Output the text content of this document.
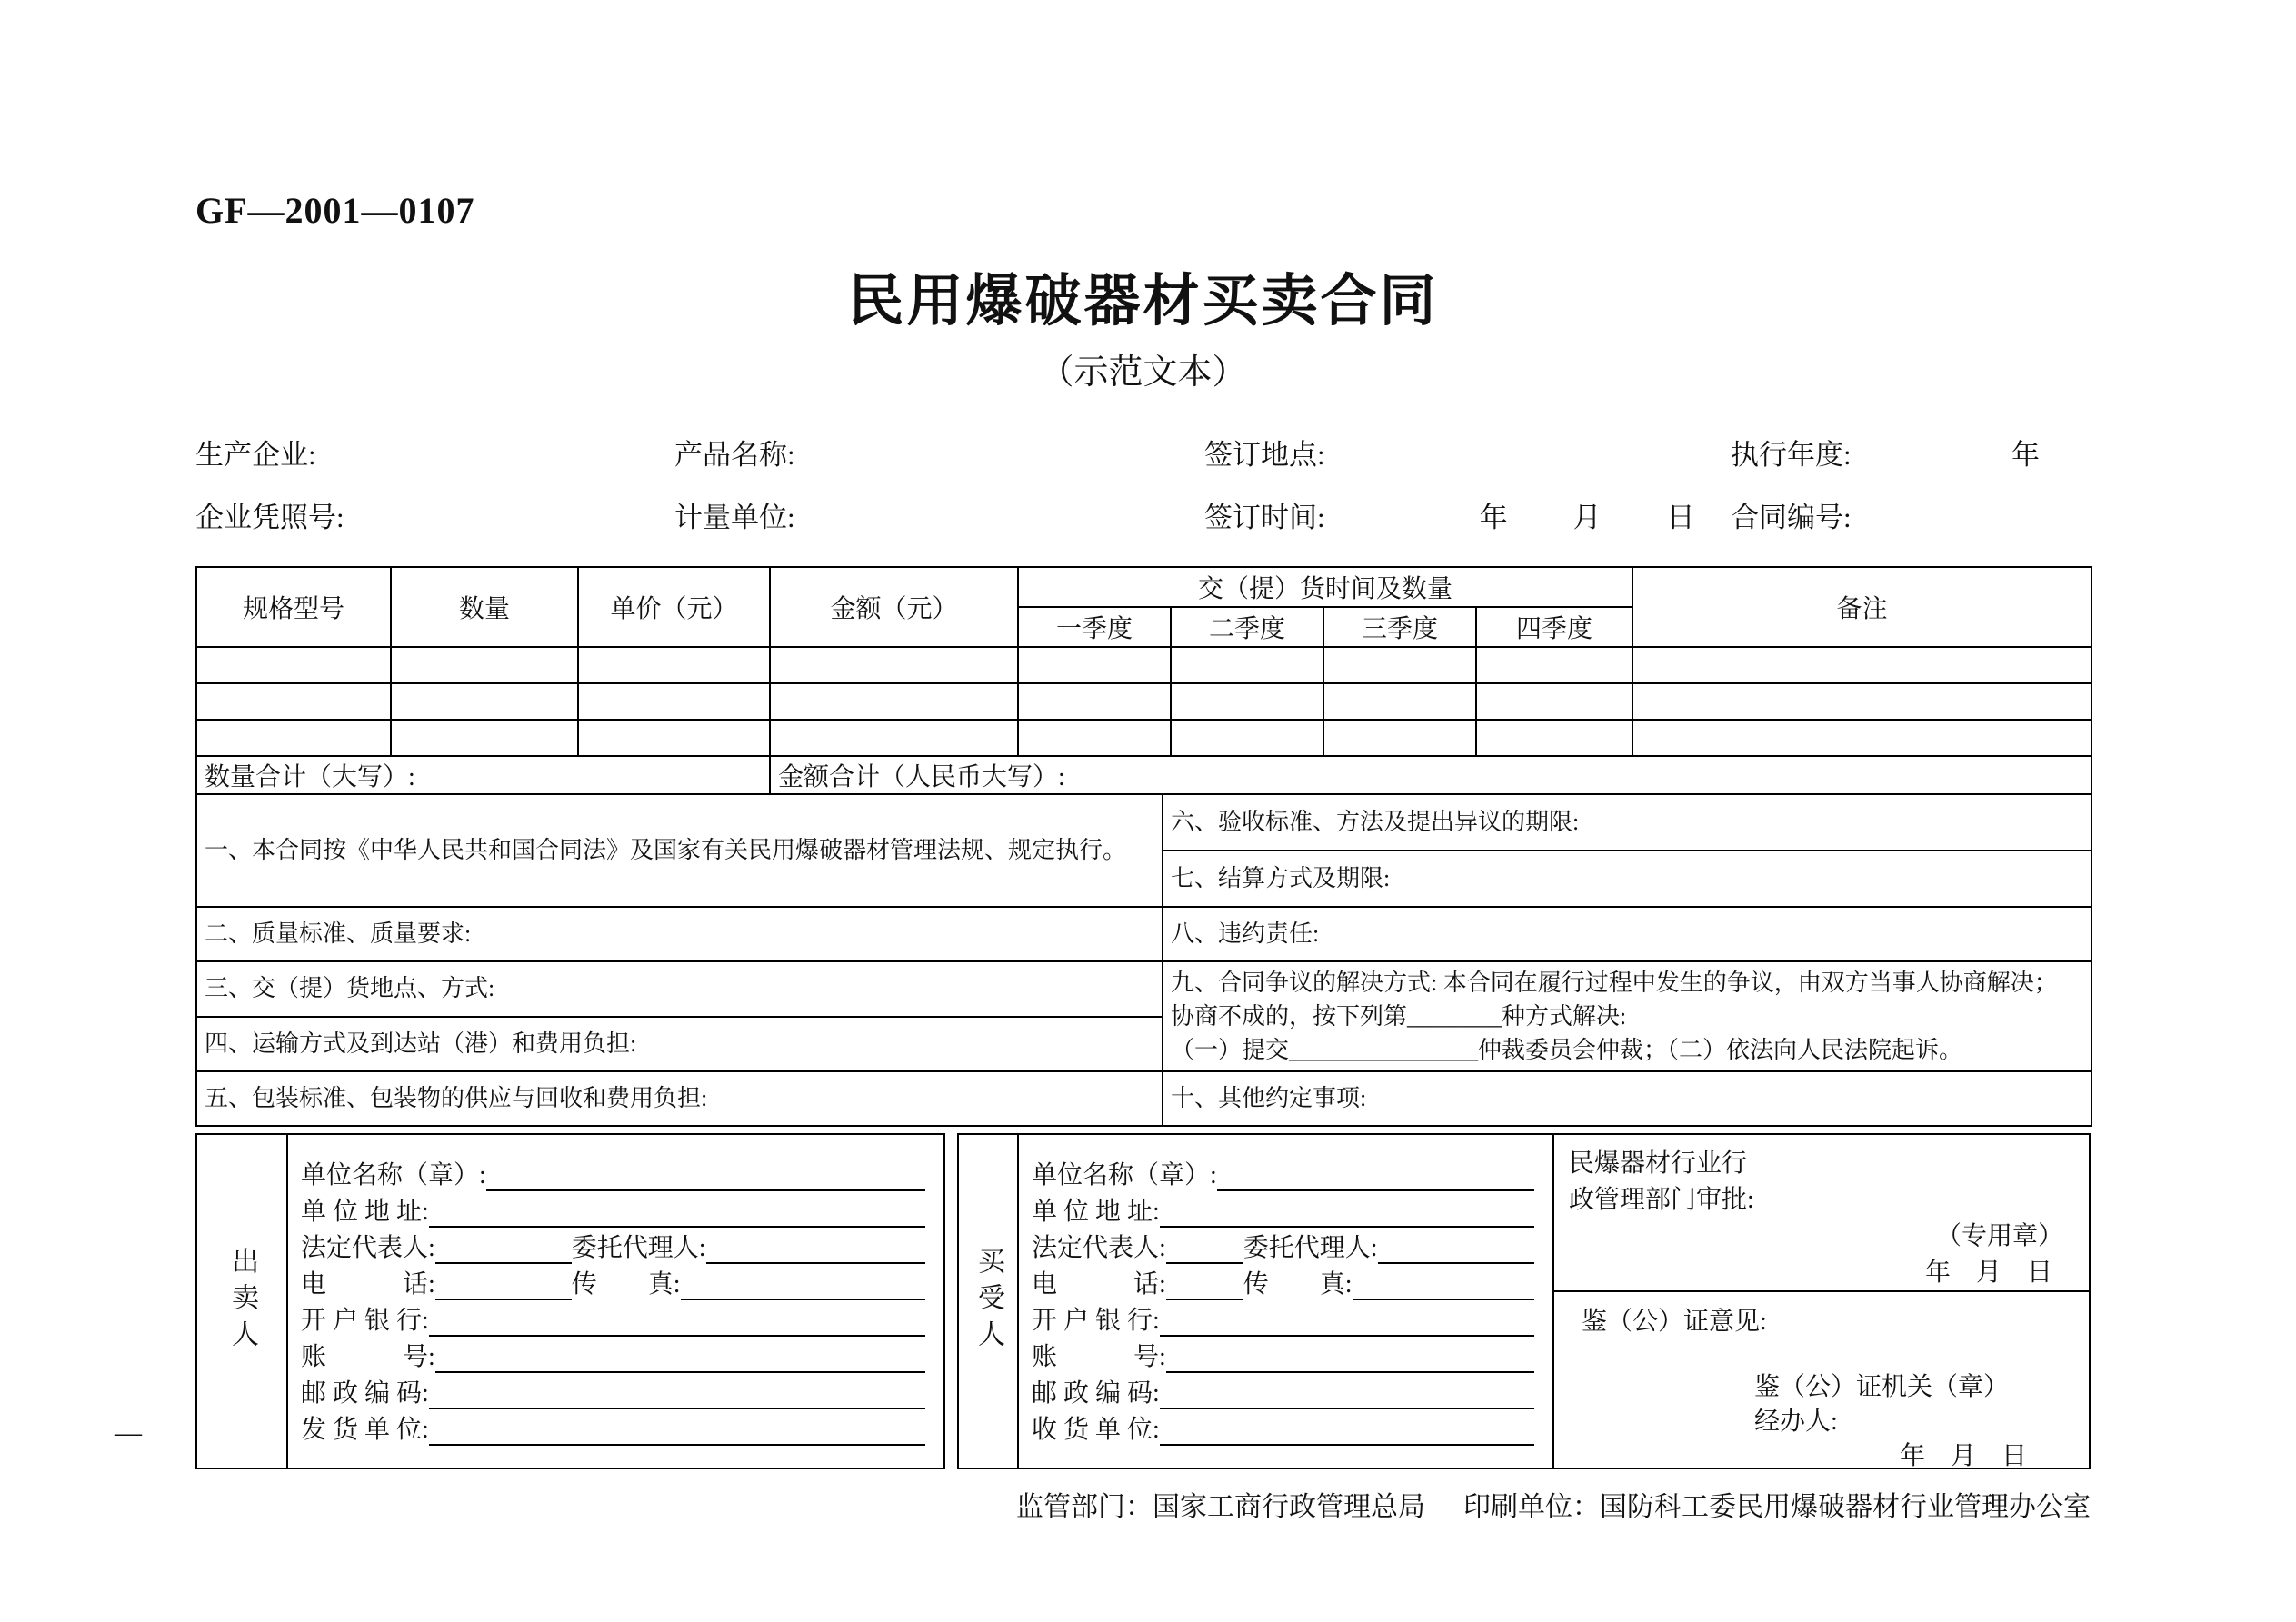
GF—2001—0107
民用爆破器材买卖合同
（示范文本）
生产企业:	产品名称:	签订地点:	执行年度:	年
企业凭照号:	计量单位:	签订时间:	年 月 日 合同编号:
规格型号	数量	单价（元）	金额（元）	交（提）货时间及数量				备注
				一季度	二季度	三季度	四季度	

数量合计（大写）:			金额合计（人民币大写）:					
一、本合同按《中华人民共和国合同法》及国家有关民用爆破器材管理法规、规定执行。	六、验收标准、方法及提出异议的期限:
	七、结算方式及期限:
二、质量标准、质量要求:	八、违约责任:
三、交（提）货地点、方式:	九、合同争议的解决方式: 本合同在履行过程中发生的争议，由双方当事人协商解决；
协商不成的，按下列第________种方式解决:
（一）提交________________仲裁委员会仲裁；（二）依法向人民法院起诉。

四、运输方式及到达站（港）和费用负担:	
五、包装标准、包装物的供应与回收和费用负担:	十、其他约定事项:
出卖人
单位名称（章）:
单 位 地 址:
法定代表人:	委托代理人:
电　　　话:	传　　真:
开 户 银 行:
账　　　号:
邮 政 编 码:
发 货 单 位:
买受人
单位名称（章）:
单 位 地 址:
法定代表人:	委托代理人:
电　　　话:	传　　真:
开 户 银 行:
账　　　号:
邮 政 编 码:
收 货 单 位:
民爆器材行业行
政管理部门审批:
（专用章）
年　月　日
鉴（公）证意见:
鉴（公）证机关（章）
经办人:
年　月　日
监管部门：国家工商行政管理总局 印刷单位：国防科工委民用爆破器材行业管理办公室
—
